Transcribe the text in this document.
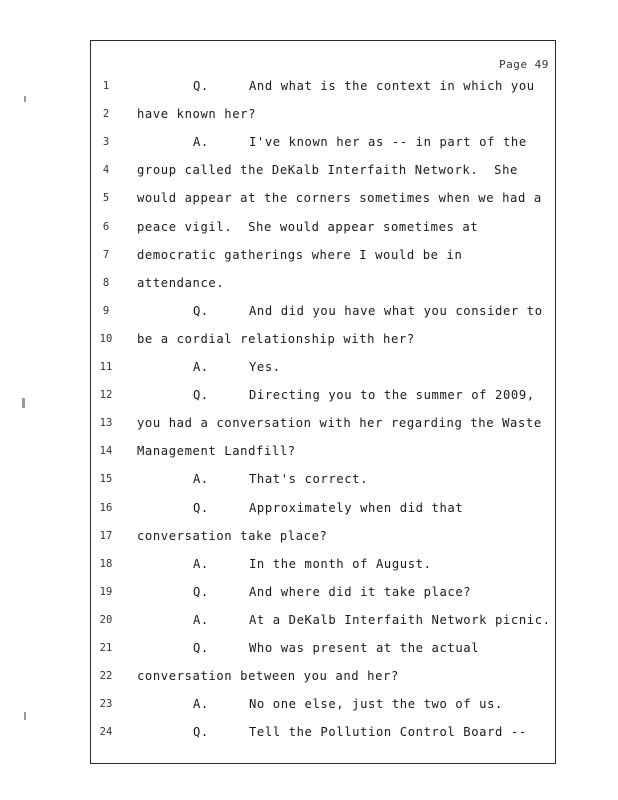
Page 49
1	Q.	And what is the context in which you
2	have known her?
3	A.	I've known her as -- in part of the
4	group called the DeKalb Interfaith Network.  She
5	would appear at the corners sometimes when we had a
6	peace vigil.  She would appear sometimes at
7	democratic gatherings where I would be in
8	attendance.
9	Q.	And did you have what you consider to
10	be a cordial relationship with her?
11	A.	Yes.
12	Q.	Directing you to the summer of 2009,
13	you had a conversation with her regarding the Waste
14	Management Landfill?
15	A.	That's correct.
16	Q.	Approximately when did that
17	conversation take place?
18	A.	In the month of August.
19	Q.	And where did it take place?
20	A.	At a DeKalb Interfaith Network picnic.
21	Q.	Who was present at the actual
22	conversation between you and her?
23	A.	No one else, just the two of us.
24	Q.	Tell the Pollution Control Board --
